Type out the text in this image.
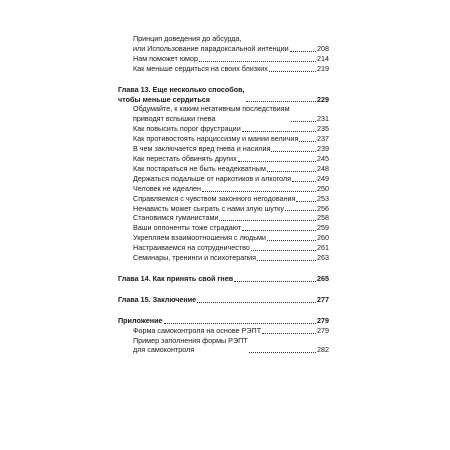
Принцип доведения до абсурда,
или Использование парадоксальной интенции	208
Нам поможет юмор	214
Как меньше сердиться на своих близких	219
Глава 13. Еще несколько способов,
чтобы меньше сердиться	229
Обдумайте, к каким негативным последствиям
приводят вспышки гнева	231
Как повысить порог фрустрации	235
Как противостоять нарциссизму и мании величия	237
В чем заключается вред гнева и насилия	239
Как перестать обвинять других	245
Как постараться не быть неадекватным	248
Держаться подальше от наркотиков и алкоголя	249
Человек не идеален	250
Справляемся с чувством законного негодования	253
Ненависть может сыграть с нами злую шутку	256
Становимся гуманистами	258
Ваши оппоненты тоже страдают	259
Укрепляем взаимоотношения с людьми	260
Настраиваемся на сотрудничество	261
Семинары, тренинги и психотерапия	263
Глава 14. Как принять свой гнев	265
Глава 15. Заключение	277
Приложение	279
Форма самоконтроля на основе РЭПТ	279
Пример заполнения формы РЭПТ
для самоконтроля	282
